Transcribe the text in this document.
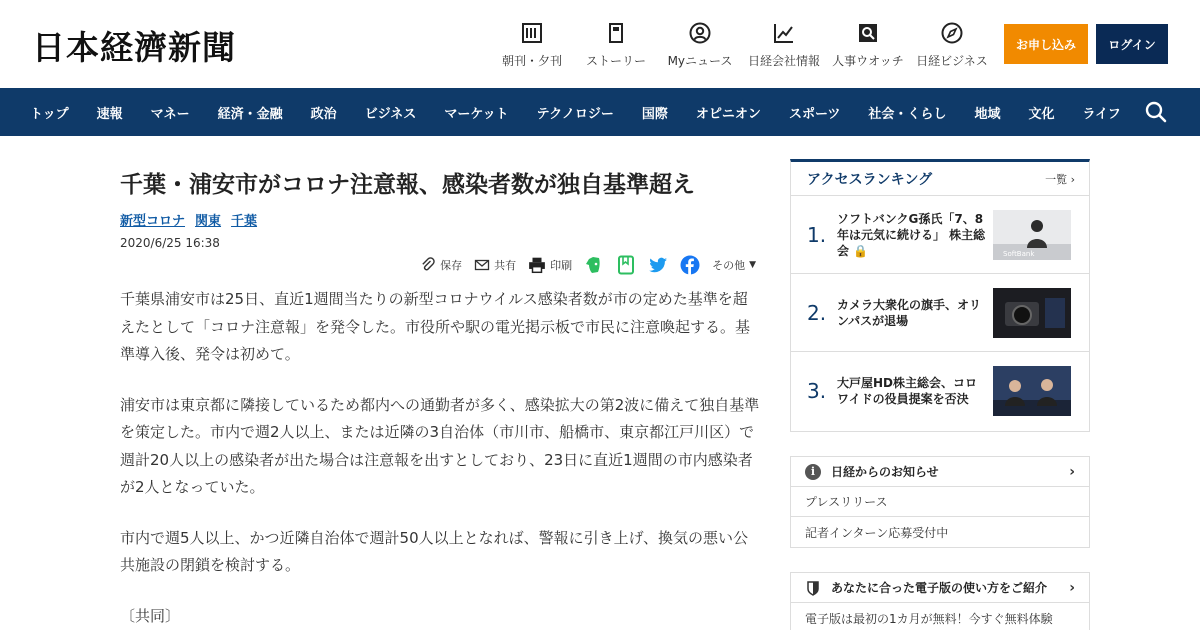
日本経濟新聞	朝刊・夕刊 ストーリー Myニュース 日経会社情報 人事ウオッチ 日経ビジネス
お申し込み	ログイン
トップ	速報	マネー	経済・金融	政治	ビジネス	マーケット	テクノロジー	国際	オピニオン	スポーツ	社会・くらし	地域	文化	ライフ
千葉・浦安市がコロナ注意報、感染者数が独自基準超え
新型コロナ 関東 千葉
2020/6/25 16:38
保存	共有	印刷	その他 ▼

千葉県浦安市は25日、直近1週間当たりの新型コロナウイルス感染者数が市の定めた基準を超えたとして「コロナ注意報」を発令した。市役所や駅の電光掲示板で市民に注意喚起する。基準導入後、発令は初めて。

浦安市は東京都に隣接しているため都内への通勤者が多く、感染拡大の第2波に備えて独自基準を策定した。市内で週2人以上、または近隣の3自治体（市川市、船橋市、東京都江戸川区）で週計20人以上の感染者が出た場合は注意報を出すとしており、23日に直近1週間の市内感染者が2人となっていた。

市内で週5人以上、かつ近隣自治体で週計50人以上となれば、警報に引き上げ、換気の悪い公共施設の閉鎖を検討する。

〔共同〕

アクセスランキング	一覧 ›
1.
ソフトバンクG孫氏「7、8年は元気に続ける」 株主総会 🔒	SoftBank
2. カメラ大衆化の旗手、オリンパスが退場
3. 大戸屋HD株主総会、コロワイドの役員提案を否決
i	日経からのお知らせ	›
プレスリリース
記者インターン応募受付中
あなたに合った電子版の使い方をご紹介 ›
電子版は最初の1カ月が無料！今すぐ無料体験
